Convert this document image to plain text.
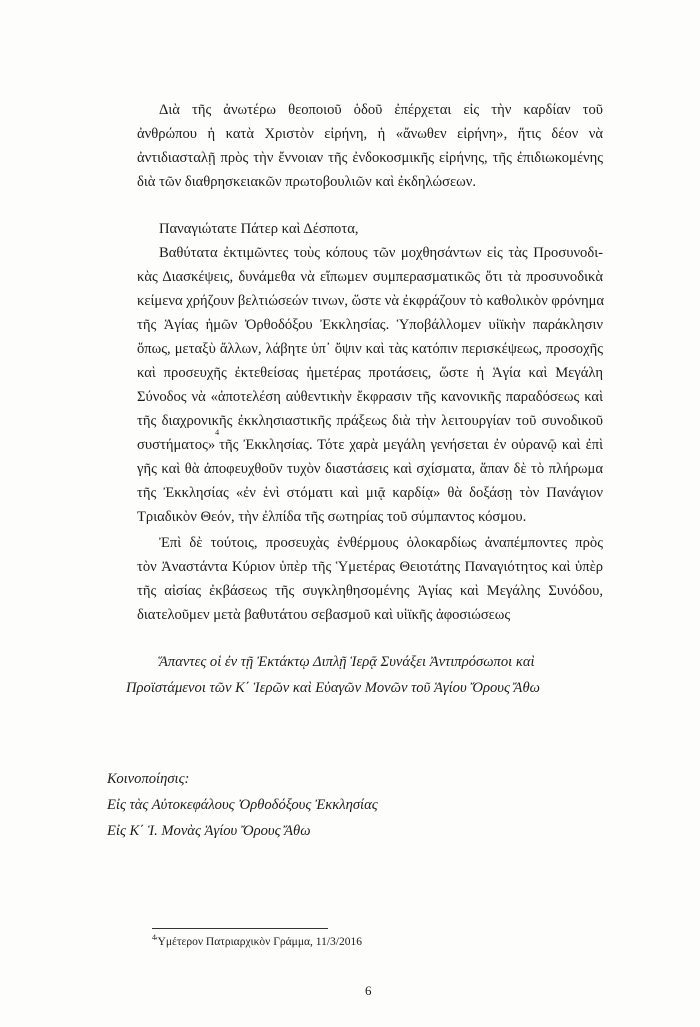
Διὰ τῆς ἀνωτέρω θεοποιοῦ ὁδοῦ ἐπέρχεται εἰς τὴν καρδίαν τοῦ
ἀνθρώπου ἡ κατὰ Χριστὸν εἰρήνη, ἡ «ἄνωθεν εἰρήνη», ἥτις δέον νὰ
ἀντιδιασταλῇ πρὸς τὴν ἔννοιαν τῆς ἐνδοκοσμικῆς εἰρήνης, τῆς ἐπιδιωκομένης
διὰ τῶν διαθρησκειακῶν πρωτοβουλιῶν καὶ ἐκδηλώσεων.
Παναγιώτατε Πάτερ καὶ Δέσποτα,
Βαθύτατα ἐκτιμῶντες τοὺς κόπους τῶν μοχθησάντων εἰς τὰς Προσυνοδι-
κὰς Διασκέψεις, δυνάμεθα νὰ εἴπωμεν συμπερασματικῶς ὅτι τὰ προσυνοδικὰ
κείμενα χρήζουν βελτιώσεών τινων, ὥστε νὰ ἐκφράζουν τὸ καθολικὸν φρόνημα
τῆς Ἁγίας ἡμῶν Ὀρθοδόξου Ἐκκλησίας. Ὑποβάλλομεν υἱϊκὴν παράκλησιν
ὅπως, μεταξὺ ἄλλων, λάβητε ὑπ᾽ ὄψιν καὶ τὰς κατόπιν περισκέψεως, προσοχῆς
καὶ προσευχῆς ἐκτεθείσας ἡμετέρας προτάσεις, ὥστε ἡ Ἁγία καὶ Μεγάλη
Σύνοδος νὰ «ἀποτελέση αὐθεντικὴν ἔκφρασιν τῆς κανονικῆς παραδόσεως καὶ
τῆς διαχρονικῆς ἐκκλησιαστικῆς πράξεως διὰ τὴν λειτουργίαν τοῦ συνοδικοῦ
συστήματος»
4
τῆς Ἐκκλησίας. Τότε χαρὰ μεγάλη γενήσεται ἐν οὐρανῷ καὶ ἐπὶ
γῆς καὶ θὰ ἀποφευχθοῦν τυχὸν διαστάσεις καὶ σχίσματα, ἅπαν δὲ τὸ πλήρωμα
τῆς Ἐκκλησίας «ἐν ἑνὶ στόματι καὶ μιᾷ καρδίᾳ» θὰ δοξάσῃ τὸν Πανάγιον
Τριαδικὸν Θεόν, τὴν ἐλπίδα τῆς σωτηρίας τοῦ σύμπαντος κόσμου.
Ἐπὶ δὲ τούτοις, προσευχὰς ἐνθέρμους ὁλοκαρδίως ἀναπέμποντες πρὸς
τὸν Ἀναστάντα Κύριον ὑπὲρ τῆς Ὑμετέρας Θειοτάτης Παναγιότητος καὶ ὑπὲρ
τῆς αἰσίας ἐκβάσεως τῆς συγκληθησομένης Ἁγίας καὶ Μεγάλης Συνόδου,
διατελοῦμεν μετὰ βαθυτάτου σεβασμοῦ καὶ υἱϊκῆς ἀφοσιώσεως
Ἅπαντες οἱ ἐν τῇ Ἐκτάκτῳ Διπλῇ Ἱερᾷ Συνάξει Ἀντιπρόσωποι καὶ
Προϊστάμενοι τῶν Κ΄ Ἱερῶν καὶ Εὐαγῶν Μονῶν τοῦ Ἁγίου Ὄρους Ἄθω
Κοινοποίησις:
Εἰς τὰς Αὐτοκεφάλους Ὀρθοδόξους Ἐκκλησίας
Εἰς Κ΄ Ἱ. Μονὰς Ἁγίου Ὄρους Ἄθω
$^4$Ὑμέτερον Πατριαρχικὸν Γράμμα, 11/3/2016
6
